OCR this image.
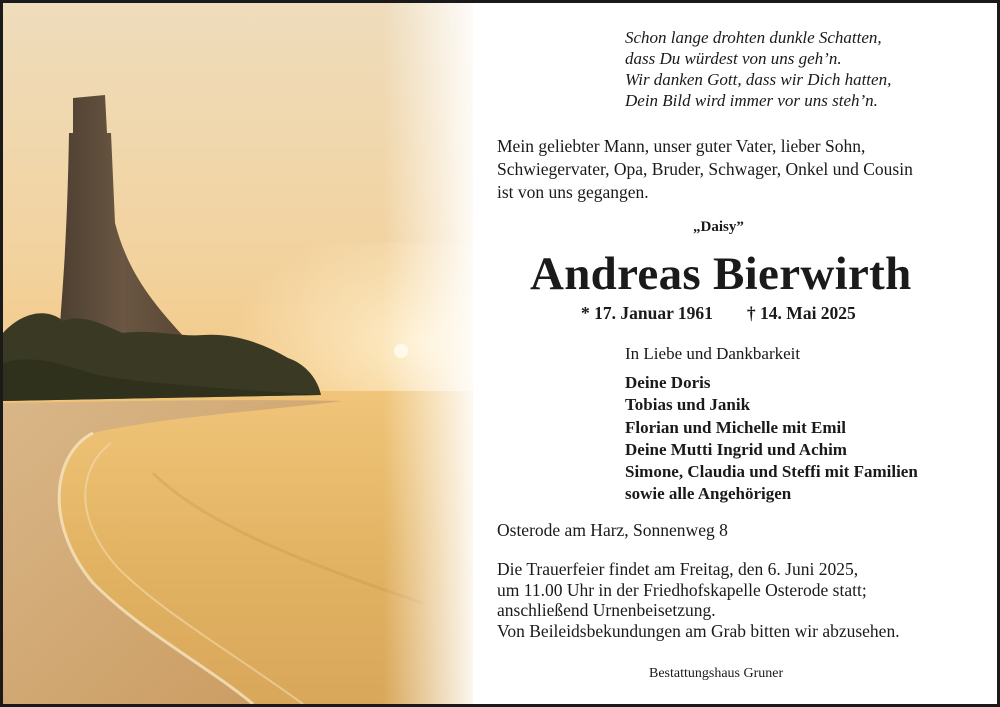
Schon lange drohten dunkle Schatten,
dass Du würdest von uns geh’n.
Wir danken Gott, dass wir Dich hatten,
Dein Bild wird immer vor uns steh’n.
Mein geliebter Mann, unser guter Vater, lieber Sohn,
Schwiegervater, Opa, Bruder, Schwager, Onkel und Cousin
ist von uns gegangen.
„Daisy”
Andreas Bierwirth
* 17. Januar 1961 † 14. Mai 2025
In Liebe und Dankbarkeit
Deine Doris
Tobias und Janik
Florian und Michelle mit Emil
Deine Mutti Ingrid und Achim
Simone, Claudia und Steffi mit Familien
sowie alle Angehörigen
Osterode am Harz, Sonnenweg 8
Die Trauerfeier findet am Freitag, den 6. Juni 2025,
um 11.00 Uhr in der Friedhofskapelle Osterode statt;
anschließend Urnenbeisetzung.
Von Beileidsbekundungen am Grab bitten wir abzusehen.
Bestattungshaus Gruner
